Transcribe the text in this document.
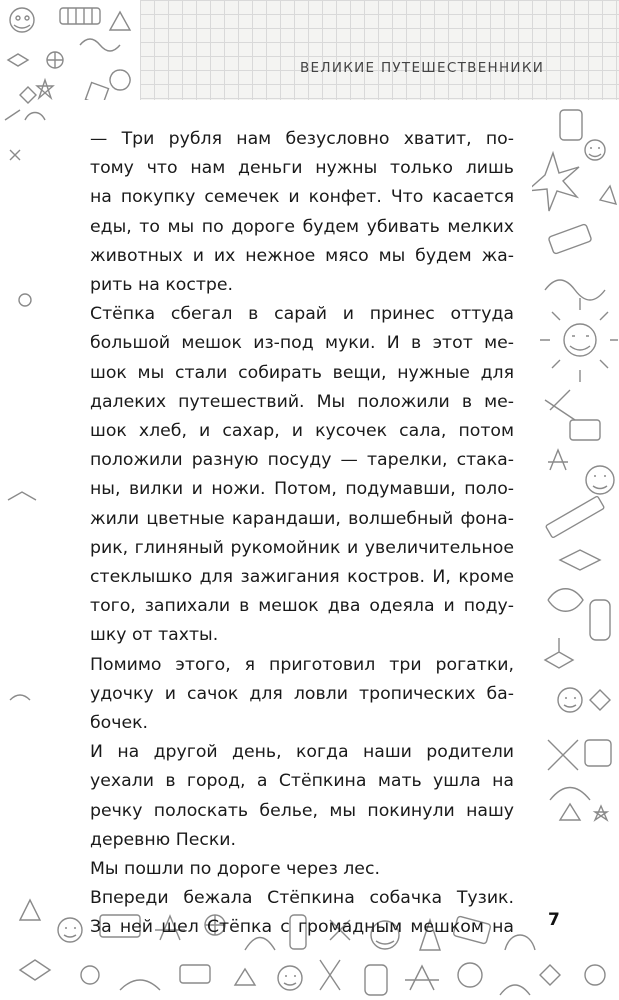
ВЕЛИКИЕ ПУТЕШЕСТВЕННИКИ

— Три рубля нам безусловно хватит, по-
тому что нам деньги нужны только лишь
на покупку семечек и конфет. Что касается
еды, то мы по дороге будем убивать мелких
животных и их нежное мясо мы будем жа-
рить на костре.

Стёпка сбегал в сарай и принес оттуда
большой мешок из-под муки. И в этот ме-
шок мы стали собирать вещи, нужные для
далеких путешествий. Мы положили в ме-
шок хлеб, и сахар, и кусочек сала, потом
положили разную посуду — тарелки, стака-
ны, вилки и ножи. Потом, подумавши, поло-
жили цветные карандаши, волшебный фона-
рик, глиняный рукомойник и увеличительное
стеклышко для зажигания костров. И, кроме
того, запихали в мешок два одеяла и поду-
шку от тахты.

Помимо этого, я приготовил три рогатки,
удочку и сачок для ловли тропических ба-
бочек.

И на другой день, когда наши родители
уехали в город, а Стёпкина мать ушла на
речку полоскать белье, мы покинули нашу
деревню Пески.

Мы пошли по дороге через лес.

Впереди бежала Стёпкина собачка Тузик.
За ней шел Стёпка с громадным мешком на 7
